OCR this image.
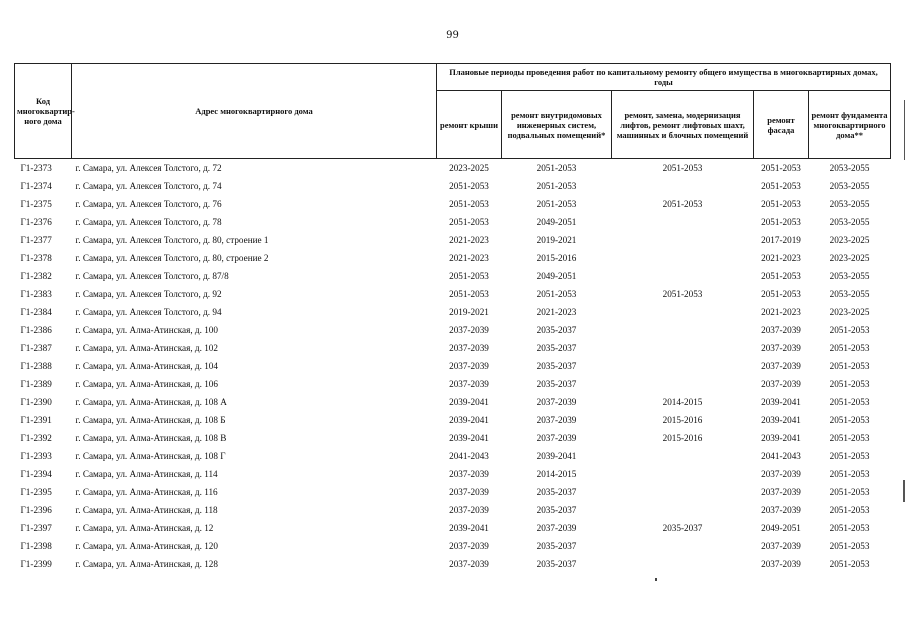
99
Код многоквартир-ного дома	Адрес многоквартирного дома	Плановые периоды проведения работ по капитальному ремонту общего имущества в многоквартирных домах, годы				
		ремонт крыши	ремонт внутридомовых инженерных систем, подвальных помещений*	ремонт, замена, модернизация лифтов, ремонт лифтовых шахт, машинных и блочных помещений	ремонт фасада	ремонт фундамента многоквартирного дома**
Г1-2373	г. Самара, ул. Алексея Толстого, д. 72	2023-2025	2051-2053	2051-2053	2051-2053	2053-2055
Г1-2374	г. Самара, ул. Алексея Толстого, д. 74	2051-2053	2051-2053		2051-2053	2053-2055
Г1-2375	г. Самара, ул. Алексея Толстого, д. 76	2051-2053	2051-2053	2051-2053	2051-2053	2053-2055
Г1-2376	г. Самара, ул. Алексея Толстого, д. 78	2051-2053	2049-2051		2051-2053	2053-2055
Г1-2377	г. Самара, ул. Алексея Толстого, д. 80, строение 1	2021-2023	2019-2021		2017-2019	2023-2025
Г1-2378	г. Самара, ул. Алексея Толстого, д. 80, строение 2	2021-2023	2015-2016		2021-2023	2023-2025
Г1-2382	г. Самара, ул. Алексея Толстого, д. 87/8	2051-2053	2049-2051		2051-2053	2053-2055
Г1-2383	г. Самара, ул. Алексея Толстого, д. 92	2051-2053	2051-2053	2051-2053	2051-2053	2053-2055
Г1-2384	г. Самара, ул. Алексея Толстого, д. 94	2019-2021	2021-2023		2021-2023	2023-2025
Г1-2386	г. Самара, ул. Алма-Атинская, д. 100	2037-2039	2035-2037		2037-2039	2051-2053
Г1-2387	г. Самара, ул. Алма-Атинская, д. 102	2037-2039	2035-2037		2037-2039	2051-2053
Г1-2388	г. Самара, ул. Алма-Атинская, д. 104	2037-2039	2035-2037		2037-2039	2051-2053
Г1-2389	г. Самара, ул. Алма-Атинская, д. 106	2037-2039	2035-2037		2037-2039	2051-2053
Г1-2390	г. Самара, ул. Алма-Атинская, д. 108 А	2039-2041	2037-2039	2014-2015	2039-2041	2051-2053
Г1-2391	г. Самара, ул. Алма-Атинская, д. 108 Б	2039-2041	2037-2039	2015-2016	2039-2041	2051-2053
Г1-2392	г. Самара, ул. Алма-Атинская, д. 108 В	2039-2041	2037-2039	2015-2016	2039-2041	2051-2053
Г1-2393	г. Самара, ул. Алма-Атинская, д. 108 Г	2041-2043	2039-2041		2041-2043	2051-2053
Г1-2394	г. Самара, ул. Алма-Атинская, д. 114	2037-2039	2014-2015		2037-2039	2051-2053
Г1-2395	г. Самара, ул. Алма-Атинская, д. 116	2037-2039	2035-2037		2037-2039	2051-2053
Г1-2396	г. Самара, ул. Алма-Атинская, д. 118	2037-2039	2035-2037		2037-2039	2051-2053
Г1-2397	г. Самара, ул. Алма-Атинская, д. 12	2039-2041	2037-2039	2035-2037	2049-2051	2051-2053
Г1-2398	г. Самара, ул. Алма-Атинская, д. 120	2037-2039	2035-2037		2037-2039	2051-2053
Г1-2399	г. Самара, ул. Алма-Атинская, д. 128	2037-2039	2035-2037		2037-2039	2051-2053
